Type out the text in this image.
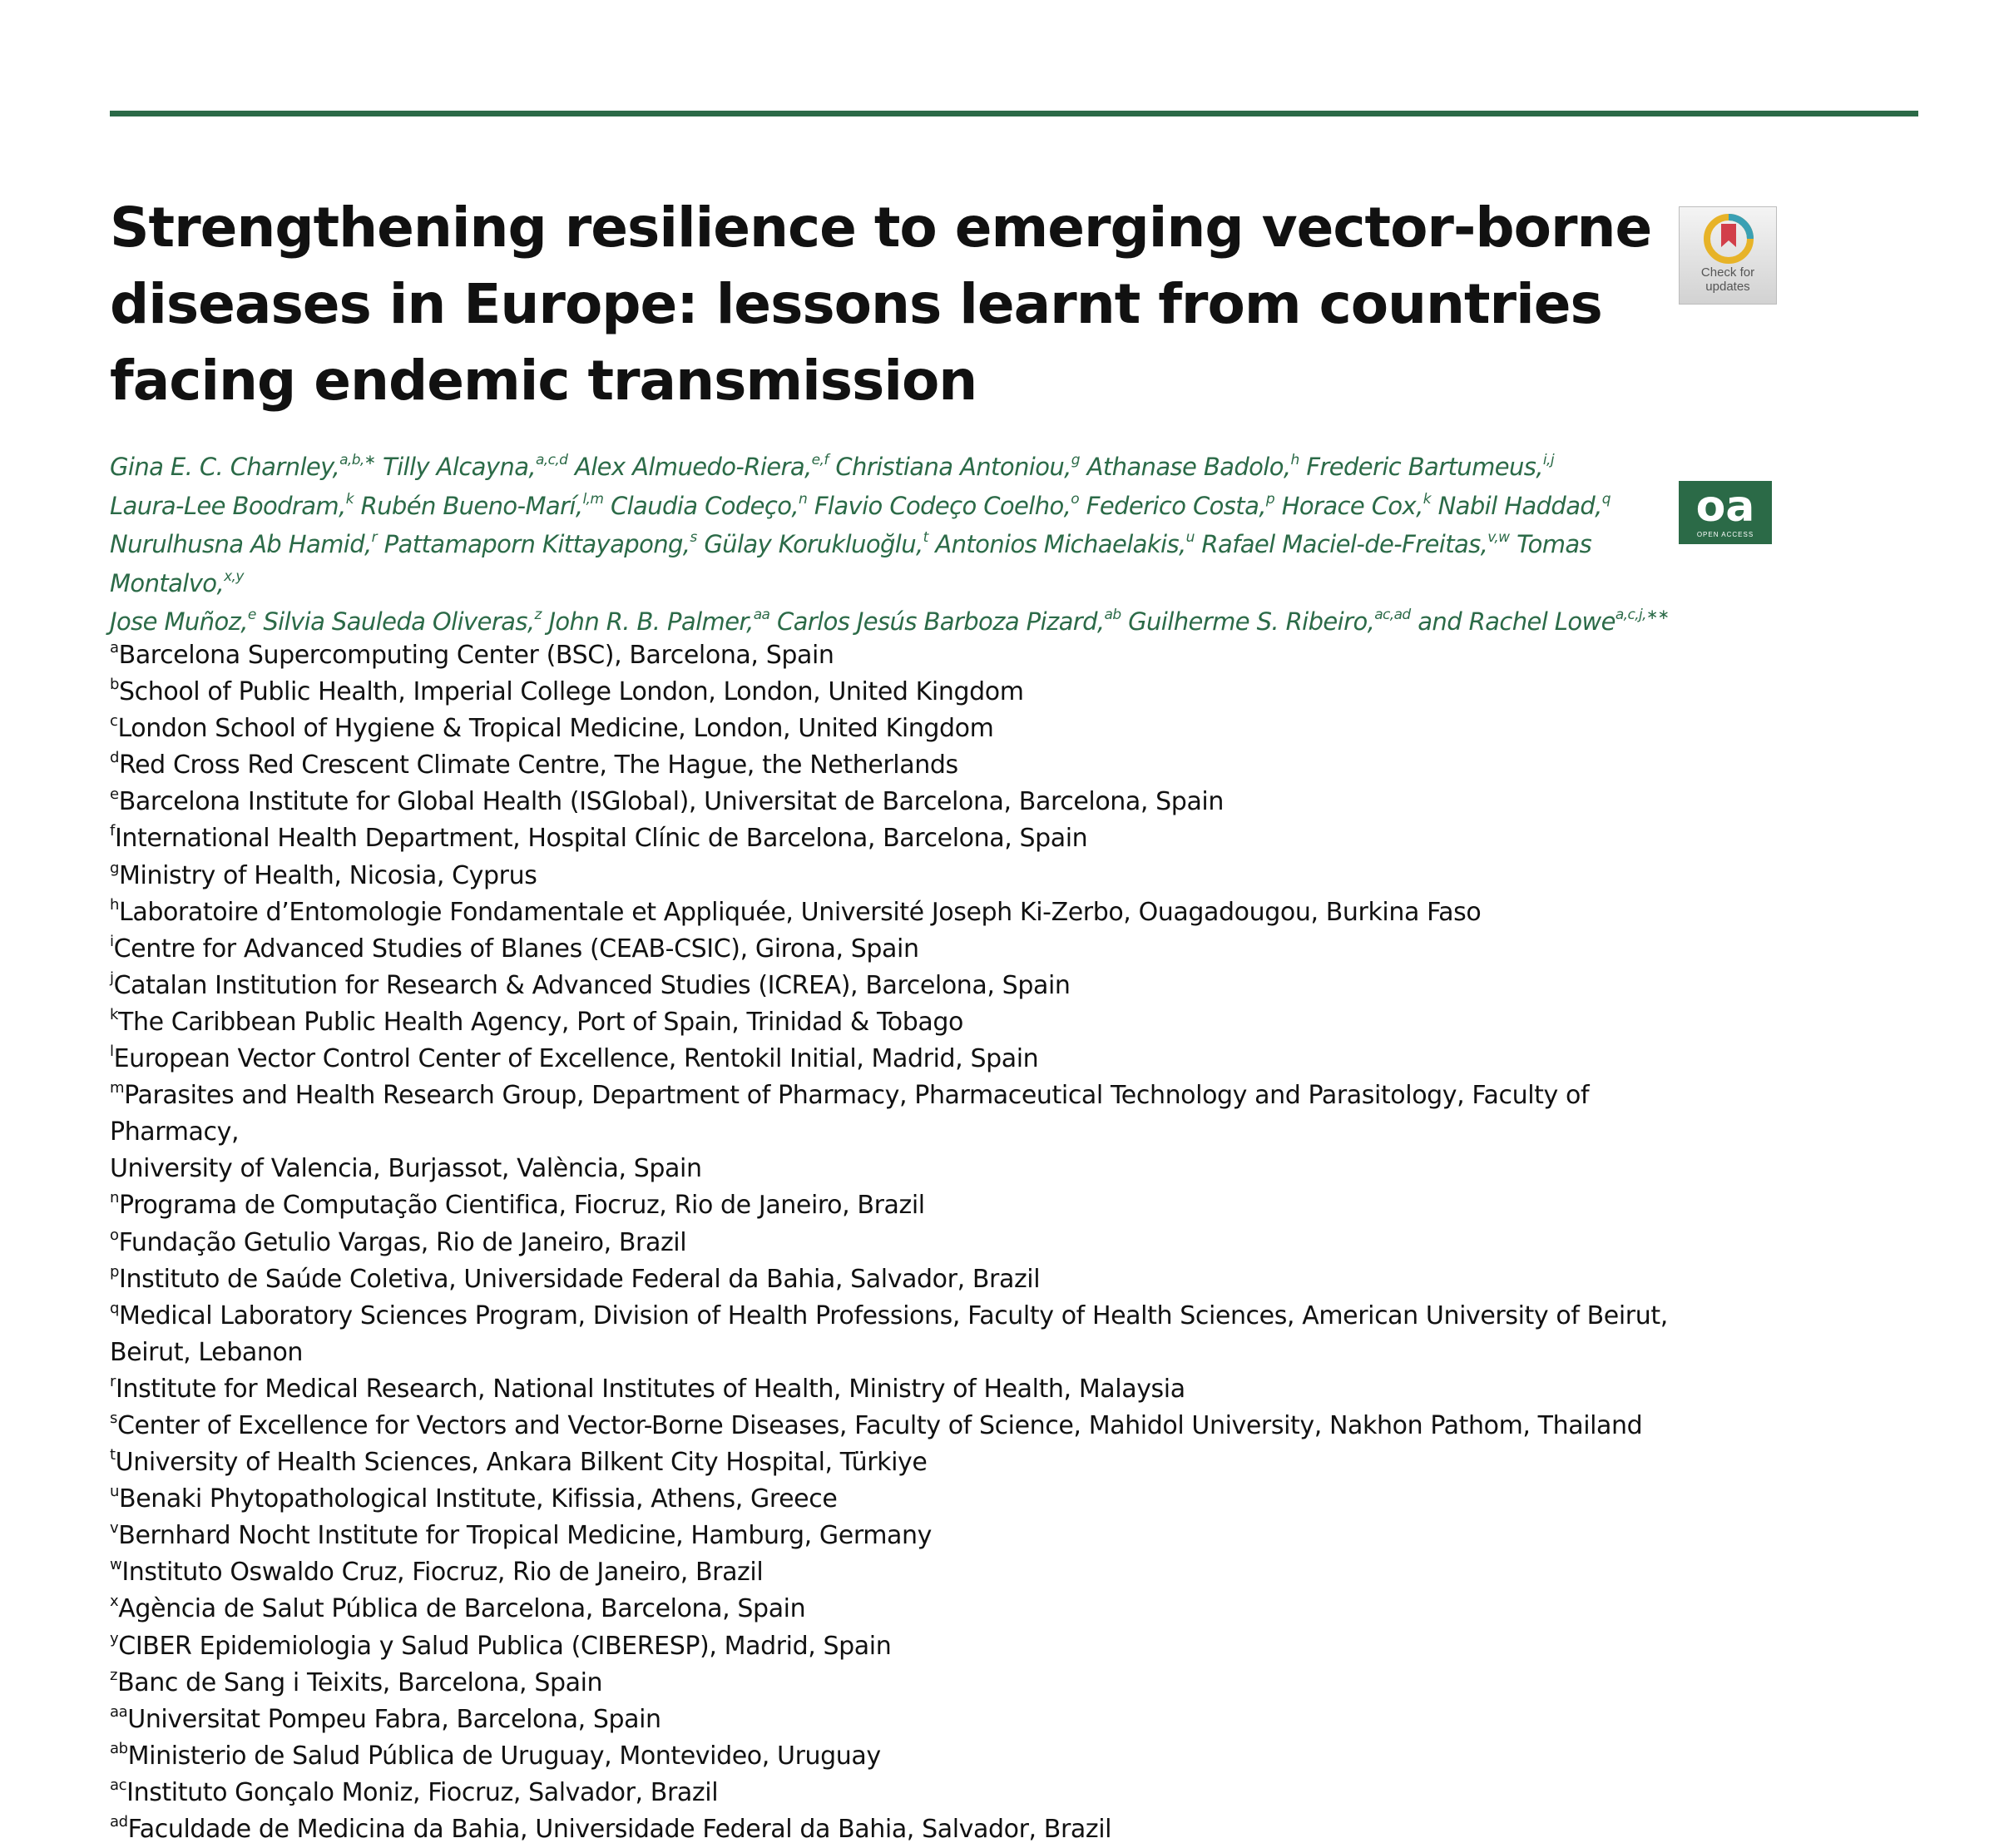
Strengthening resilience to emerging vector-borne diseases in Europe: lessons learnt from countries facing endemic transmission
Check for updates
oa
OPEN ACCESS
Gina E. C. Charnley,$^{a,b,∗}$ Tilly Alcayna,$^{a,c,d}$ Alex Almuedo-Riera,$^{e,f}$ Christiana Antoniou,$^g$ Athanase Badolo,$^h$ Frederic Bartumeus,$^{i,j}$
Laura-Lee Boodram,$^k$ Rubén Bueno-Marí,$^{l,m}$ Claudia Codeço,$^n$ Flavio Codeço Coelho,$^o$ Federico Costa,$^p$ Horace Cox,$^k$ Nabil Haddad,$^q$
Nurulhusna Ab Hamid,$^r$ Pattamaporn Kittayapong,$^s$ Gülay Korukluoğlu,$^t$ Antonios Michaelakis,$^u$ Rafael Maciel-de-Freitas,$^{v,w}$ Tomas Montalvo,$^{x,y}$
Jose Muñoz,$^e$ Silvia Sauleda Oliveras,$^z$ John R. B. Palmer,$^{aa}$ Carlos Jesús Barboza Pizard,$^{ab}$ Guilherme S. Ribeiro,$^{ac,ad}$ and Rachel Lowe$^{a,c,j,∗∗}$
$^a$Barcelona Supercomputing Center (BSC), Barcelona, Spain
$^b$School of Public Health, Imperial College London, London, United Kingdom
$^c$London School of Hygiene & Tropical Medicine, London, United Kingdom
$^d$Red Cross Red Crescent Climate Centre, The Hague, the Netherlands
$^e$Barcelona Institute for Global Health (ISGlobal), Universitat de Barcelona, Barcelona, Spain
$^f$International Health Department, Hospital Clínic de Barcelona, Barcelona, Spain
$^g$Ministry of Health, Nicosia, Cyprus
$^h$Laboratoire d’Entomologie Fondamentale et Appliquée, Université Joseph Ki-Zerbo, Ouagadougou, Burkina Faso
$^i$Centre for Advanced Studies of Blanes (CEAB-CSIC), Girona, Spain
$^j$Catalan Institution for Research & Advanced Studies (ICREA), Barcelona, Spain
$^k$The Caribbean Public Health Agency, Port of Spain, Trinidad & Tobago
$^l$European Vector Control Center of Excellence, Rentokil Initial, Madrid, Spain
$^m$Parasites and Health Research Group, Department of Pharmacy, Pharmaceutical Technology and Parasitology, Faculty of Pharmacy,
University of Valencia, Burjassot, València, Spain
$^n$Programa de Computação Cientifica, Fiocruz, Rio de Janeiro, Brazil
$^o$Fundação Getulio Vargas, Rio de Janeiro, Brazil
$^p$Instituto de Saúde Coletiva, Universidade Federal da Bahia, Salvador, Brazil
$^q$Medical Laboratory Sciences Program, Division of Health Professions, Faculty of Health Sciences, American University of Beirut, Beirut, Lebanon
$^r$Institute for Medical Research, National Institutes of Health, Ministry of Health, Malaysia
$^s$Center of Excellence for Vectors and Vector-Borne Diseases, Faculty of Science, Mahidol University, Nakhon Pathom, Thailand
$^t$University of Health Sciences, Ankara Bilkent City Hospital, Türkiye
$^u$Benaki Phytopathological Institute, Kifissia, Athens, Greece
$^v$Bernhard Nocht Institute for Tropical Medicine, Hamburg, Germany
$^w$Instituto Oswaldo Cruz, Fiocruz, Rio de Janeiro, Brazil
$^x$Agència de Salut Pública de Barcelona, Barcelona, Spain
$^y$CIBER Epidemiologia y Salud Publica (CIBERESP), Madrid, Spain
$^z$Banc de Sang i Teixits, Barcelona, Spain
$^{aa}$Universitat Pompeu Fabra, Barcelona, Spain
$^{ab}$Ministerio de Salud Pública de Uruguay, Montevideo, Uruguay
$^{ac}$Instituto Gonçalo Moniz, Fiocruz, Salvador, Brazil
$^{ad}$Faculdade de Medicina da Bahia, Universidade Federal da Bahia, Salvador, Brazil
